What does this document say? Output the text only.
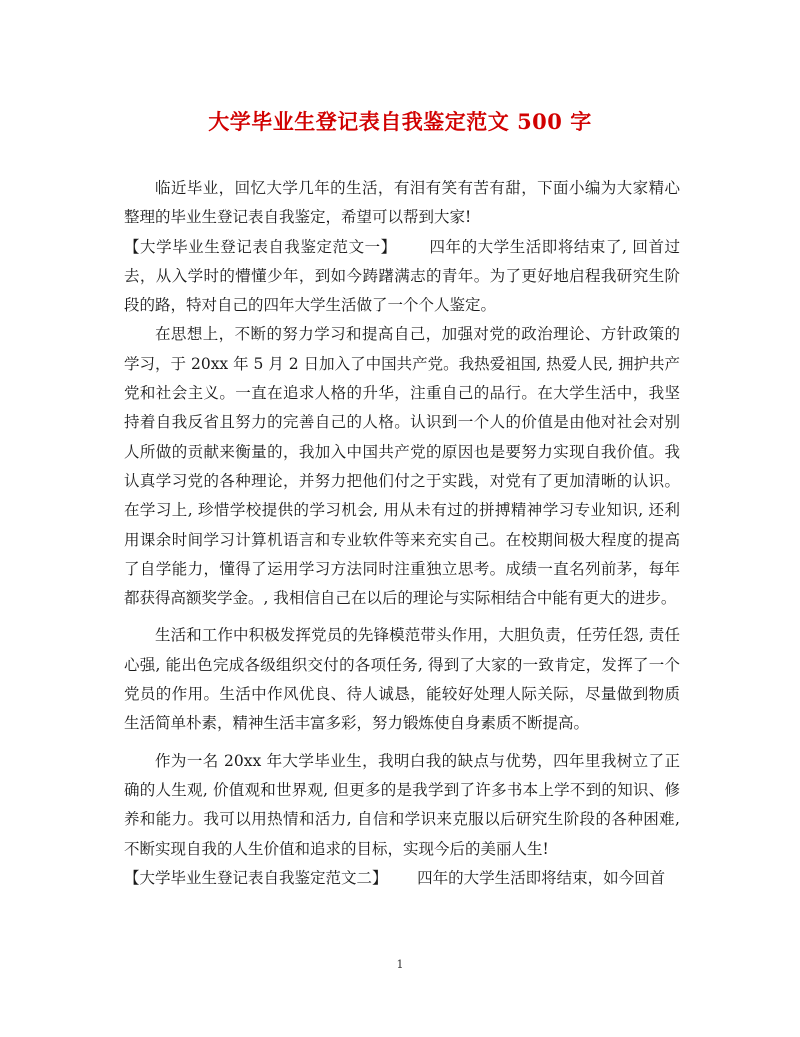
大学毕业生登记表自我鉴定范文 500 字

临近毕业，回忆大学几年的生活，有泪有笑有苦有甜，下面小编为大家精心整理的毕业生登记表自我鉴定，希望可以帮到大家!

【大学毕业生登记表自我鉴定范文一】 四年的大学生活即将结束了, 回首过去，从入学时的懵懂少年，到如今踌躇满志的青年。为了更好地启程我研究生阶段的路，特对自己的四年大学生活做了一个个人鉴定。

在思想上，不断的努力学习和提高自己，加强对党的政治理论、方针政策的学习，于 20xx 年 5 月 2 日加入了中国共产党。我热爱祖国, 热爱人民, 拥护共产党和社会主义。一直在追求人格的升华，注重自己的品行。在大学生活中，我坚持着自我反省且努力的完善自己的人格。认识到一个人的价值是由他对社会对别人所做的贡献来衡量的，我加入中国共产党的原因也是要努力实现自我价值。我认真学习党的各种理论，并努力把他们付之于实践，对党有了更加清晰的认识。在学习上, 珍惜学校提供的学习机会, 用从未有过的拼搏精神学习专业知识, 还利用课余时间学习计算机语言和专业软件等来充实自己。在校期间极大程度的提高了自学能力，懂得了运用学习方法同时注重独立思考。成绩一直名列前茅，每年都获得高额奖学金。, 我相信自己在以后的理论与实际相结合中能有更大的进步。

生活和工作中积极发挥党员的先锋模范带头作用，大胆负责，任劳任怨, 责任心强, 能出色完成各级组织交付的各项任务, 得到了大家的一致肯定，发挥了一个党员的作用。生活中作风优良、待人诚恳，能较好处理人际关际，尽量做到物质生活简单朴素，精神生活丰富多彩，努力锻炼使自身素质不断提高。

作为一名 20xx 年大学毕业生，我明白我的缺点与优势，四年里我树立了正确的人生观, 价值观和世界观, 但更多的是我学到了许多书本上学不到的知识、修养和能力。我可以用热情和活力, 自信和学识来克服以后研究生阶段的各种困难, 不断实现自我的人生价值和追求的目标，实现今后的美丽人生!

【大学毕业生登记表自我鉴定范文二】 四年的大学生活即将结束，如今回首

1
